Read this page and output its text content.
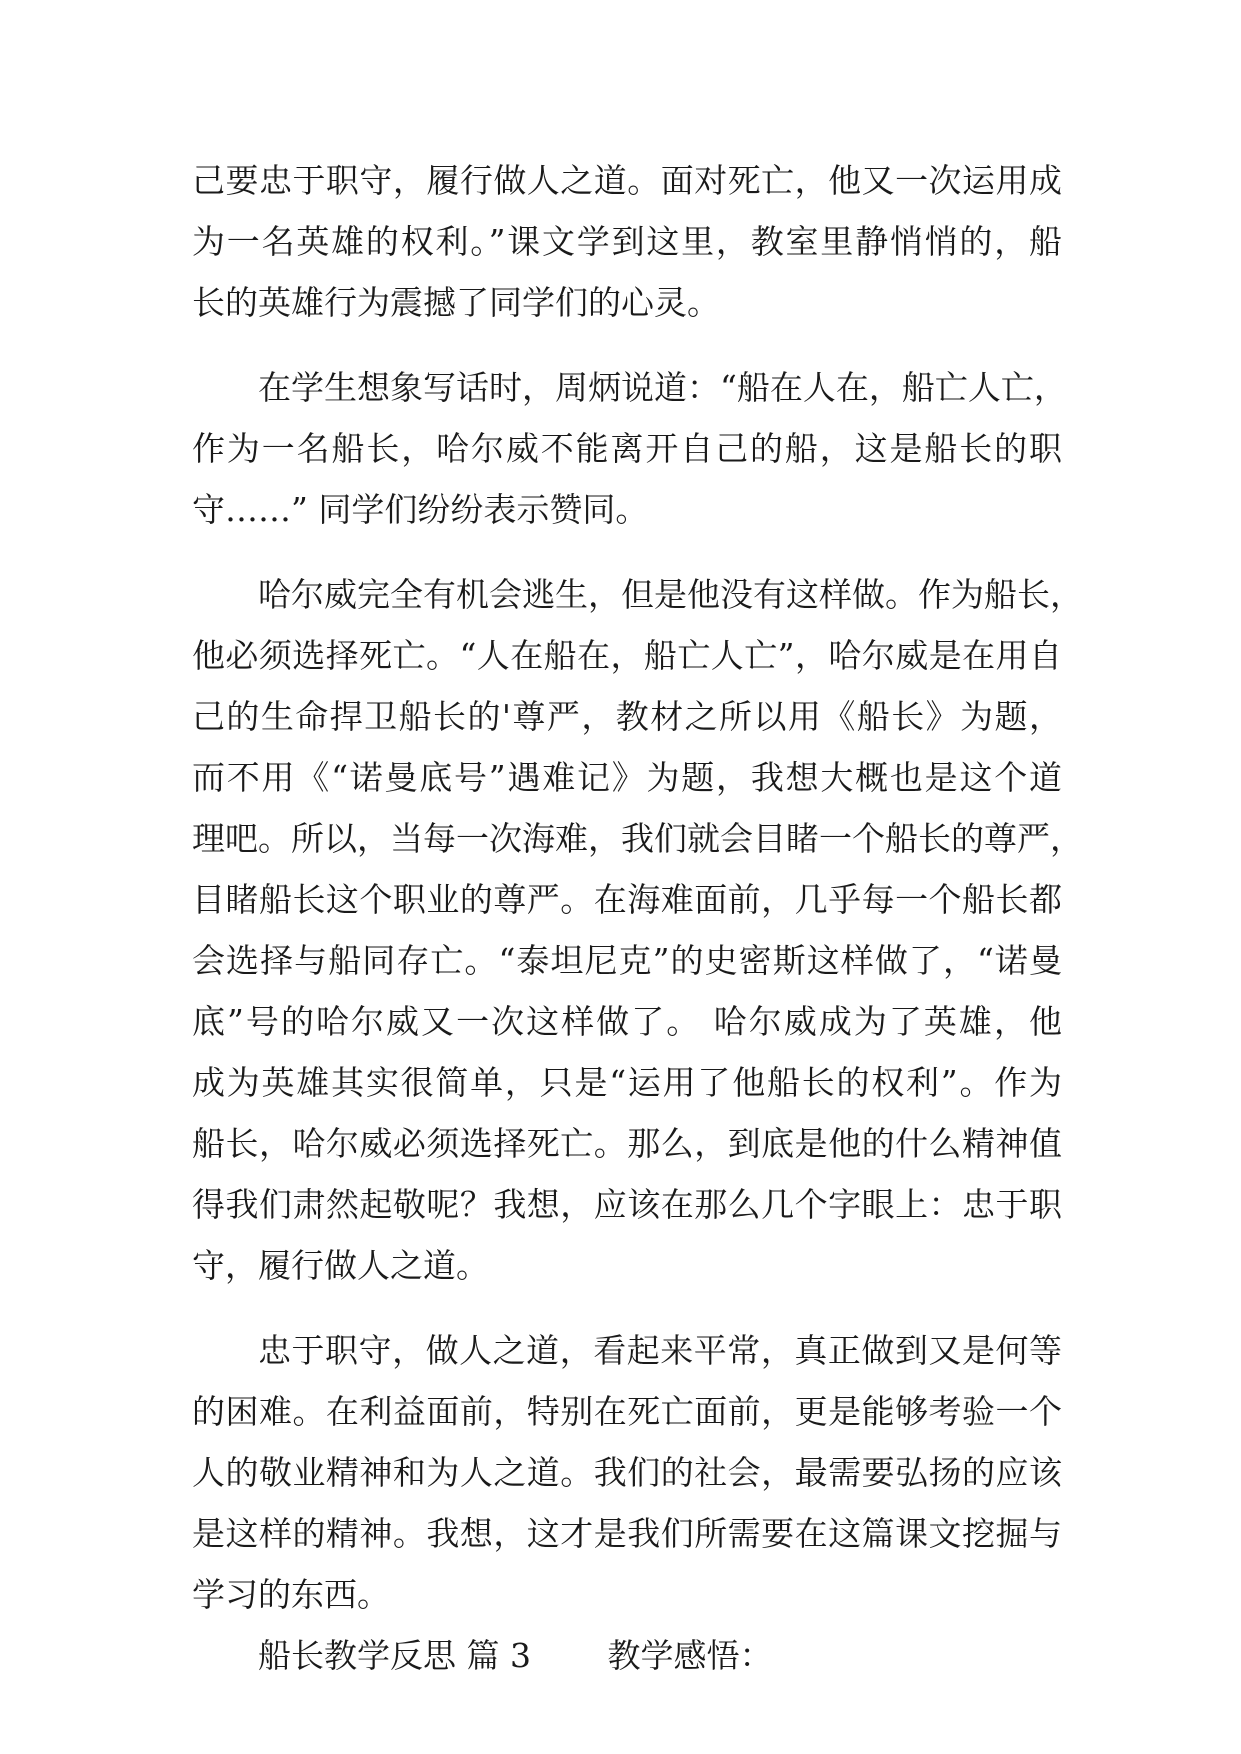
己要忠于职守，履行做人之道。面对死亡，他又一次运用成
为一名英雄的权利。”课文学到这里，教室里静悄悄的，船
长的英雄行为震撼了同学们的心灵。
在学生想象写话时，周炳说道：“船在人在，船亡人亡，
作为一名船长，哈尔威不能离开自己的船，这是船长的职
守……” 同学们纷纷表示赞同。
哈尔威完全有机会逃生，但是他没有这样做。作为船长，
他必须选择死亡。“人在船在，船亡人亡”，哈尔威是在用自
己的生命捍卫船长的'尊严，教材之所以用《船长》为题，
而不用《“诺曼底号”遇难记》为题，我想大概也是这个道
理吧。所以，当每一次海难，我们就会目睹一个船长的尊严，
目睹船长这个职业的尊严。在海难面前，几乎每一个船长都
会选择与船同存亡。“泰坦尼克”的史密斯这样做了，“诺曼
底”号的哈尔威又一次这样做了。 哈尔威成为了英雄，他
成为英雄其实很简单，只是“运用了他船长的权利”。作为
船长，哈尔威必须选择死亡。那么，到底是他的什么精神值
得我们肃然起敬呢？我想，应该在那么几个字眼上：忠于职
守，履行做人之道。
忠于职守，做人之道，看起来平常，真正做到又是何等
的困难。在利益面前，特别在死亡面前，更是能够考验一个
人的敬业精神和为人之道。我们的社会，最需要弘扬的应该
是这样的精神。我想，这才是我们所需要在这篇课文挖掘与
学习的东西。
船长教学反思 篇 3　　 教学感悟：
